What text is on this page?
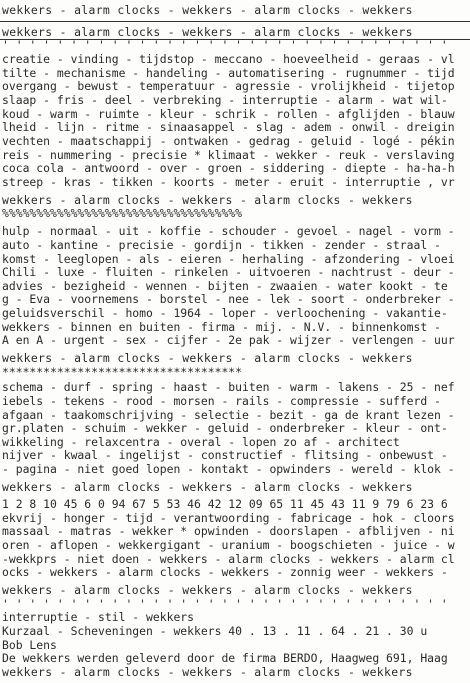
wekkers - alarm clocks - wekkers - alarm clocks - wekkers
wekkers - alarm clocks - wekkers - alarm clocks - wekkers
' ' ' ' ' ' ' ' ' ' ' ' ' ' ' ' ' ' ' ' ' ' ' ' ' ' ' ' ' ' ' ' '
creatie - vinding - tijdstop - meccano - hoeveelheid - geraas - vl
tilte - mechanisme - handeling - automatisering - rugnummer - tijd
overgang - bewust - temperatuur - agressie - vrolijkheid - tijetop
slaap - fris - deel - verbreking - interruptie - alarm - wat wil-
koud - warm - ruimte - kleur - schrik - rollen - afglijden - blauw
lheid - lijn - ritme - sinaasappel - slag - adem - onwil - dreigin
vechten - maatschappij - ontwaken - gedrag - geluid - logé - pékin
reis - nummering - precisie * klimaat - wekker - reuk - verslaving
coca cola - antwoord - over - groen - siddering - diepte - ha-ha-h
streep - kras - tikken - koorts - meter - eruit - interruptie , vr
wekkers - alarm clocks - wekkers - alarm clocks - wekkers
%%%%%%%%%%%%%%%%%%%%%%%%%%%%%%%%%%%
hulp - normaal - uit - koffie - schouder - gevoel - nagel - vorm -
auto - kantine - precisie - gordijn - tikken - zender - straal -
komst - leeglopen - als - eieren - herhaling - afzondering - vloei
Chili - luxe - fluiten - rinkelen - uitvoeren - nachtrust - deur -
advies - bezigheid - wennen - bijten - zwaaien - water kookt - te
g - Eva - voornemens - borstel - nee - lek - soort - onderbreker -
geluidsverschil - homo - 1964 - loper - verloochening - vakantie-
wekkers - binnen en buiten - firma - mij. - N.V. - binnenkomst -
A en A - urgent - sex - cijfer - 2e pak - wijzer - verlengen - uur
wekkers - alarm clocks - wekkers - alarm clocks - wekkers
***********************************
schema - durf - spring - haast - buiten - warm - lakens - 25 - nef
iebels - tekens - rood - morsen - rails - compressie - sufferd -
afgaan - taakomschrijving - selectie - bezit - ga de krant lezen -
gr.platen - schuim - wekker - geluid - onderbreker - kleur - ont-
wikkeling - relaxcentra - overal - lopen zo af - architect
nijver - kwaal - ingelijst - constructief - flitsing - onbewust -
- pagina - niet goed lopen - kontakt - opwinders - wereld - klok -
wekkers - alarm clocks - wekkers - alarm clocks - wekkers
1 2 8 10 45 6 0 94 67 5 53 46 42 12 09 65 11 45 43 11 9 79 6 23 6
ekvrij - honger - tijd - verantwoording - fabricage - hok - cloors
massaal - matras - wekker * opwinden - doorslapen - afblijven - ni
oren - aflopen - wekkergigant - uranium - boogschieten - juice - w
-wekkprs - niet doen - wekkers - alarm clocks - wekkers - alarm cl
ocks - wekkers - alarm clocks - wekkers - zonnig weer - wekkers -
wekkers - alarm clocks - wekkers - alarm clocks - wekkers
' ' ' ' ' ' ' ' ' ' ' ' ' ' ' ' ' ' ' ' ' ' ' ' ' ' ' ' ' ' ' ' '
interruptie - stil - wekkers
Kurzaal - Scheveningen - wekkers 40 . 13 . 11 . 64 . 21 . 30 u
Bob Lens
De wekkers werden geleverd door de firma BERDO, Haagweg 691, Haag
wekkers - alarm clocks - wekkers - alarm clocks - wekkers
